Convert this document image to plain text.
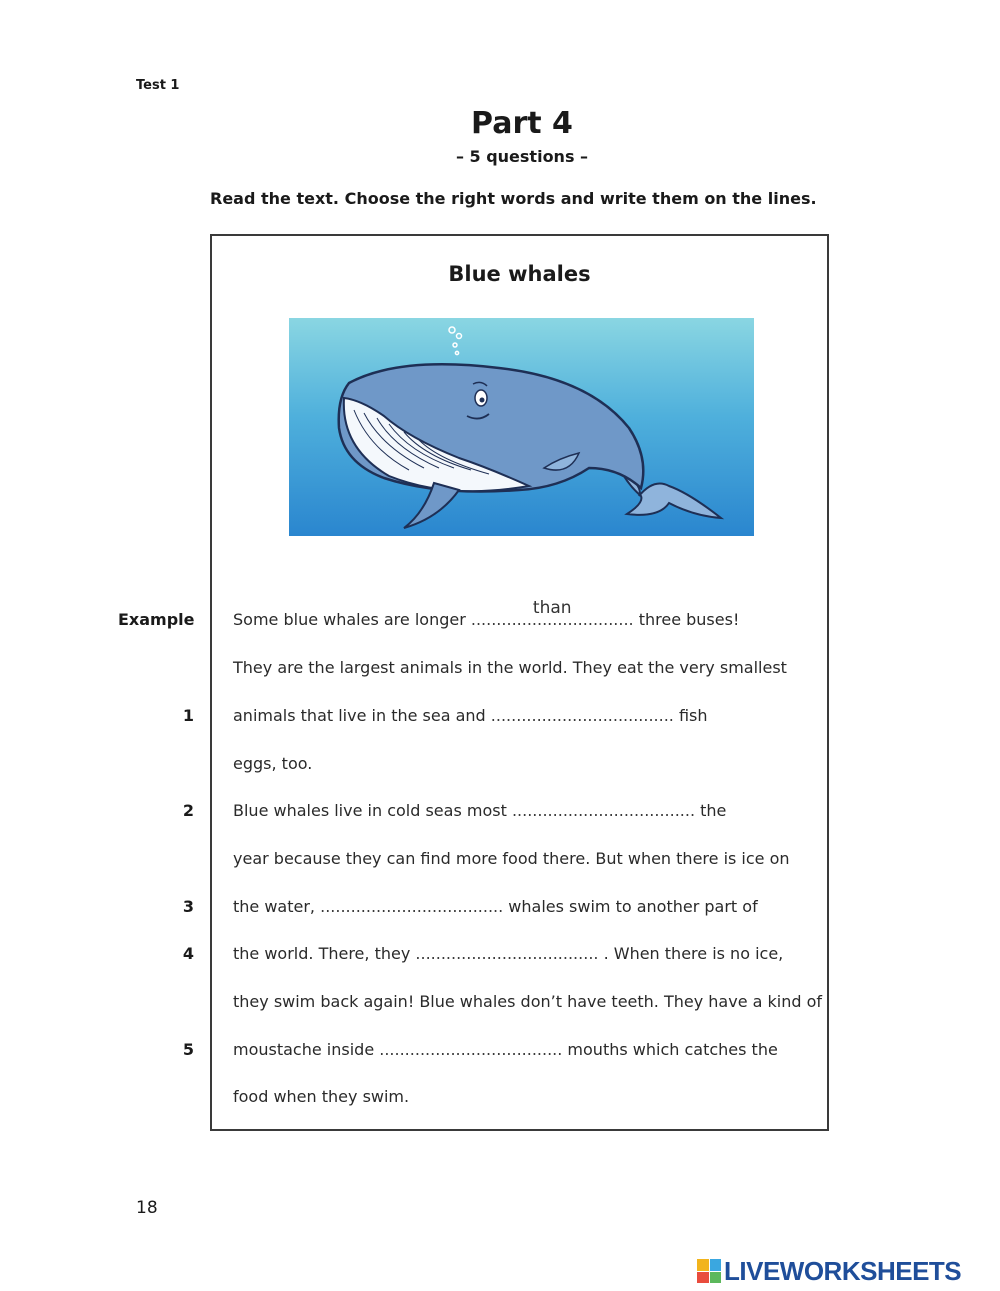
Test 1
Part 4
– 5 questions –
Read the text. Choose the right words and write them on the lines.
Blue whales
Example Some blue whales are longer ................................
than
three buses!
They are the largest animals in the world. They eat the very smallest
1 animals that live in the sea and .................................... fish
eggs, too.
2 Blue whales live in cold seas most .................................... the
year because they can find more food there. But when there is ice on
3 the water, .................................... whales swim to another part of
4 the world. There, they .................................... . When there is no ice,
they swim back again! Blue whales don’t have teeth. They have a kind of
5 moustache inside .................................... mouths which catches the
food when they swim.
18
LIVEWORKSHEETS
